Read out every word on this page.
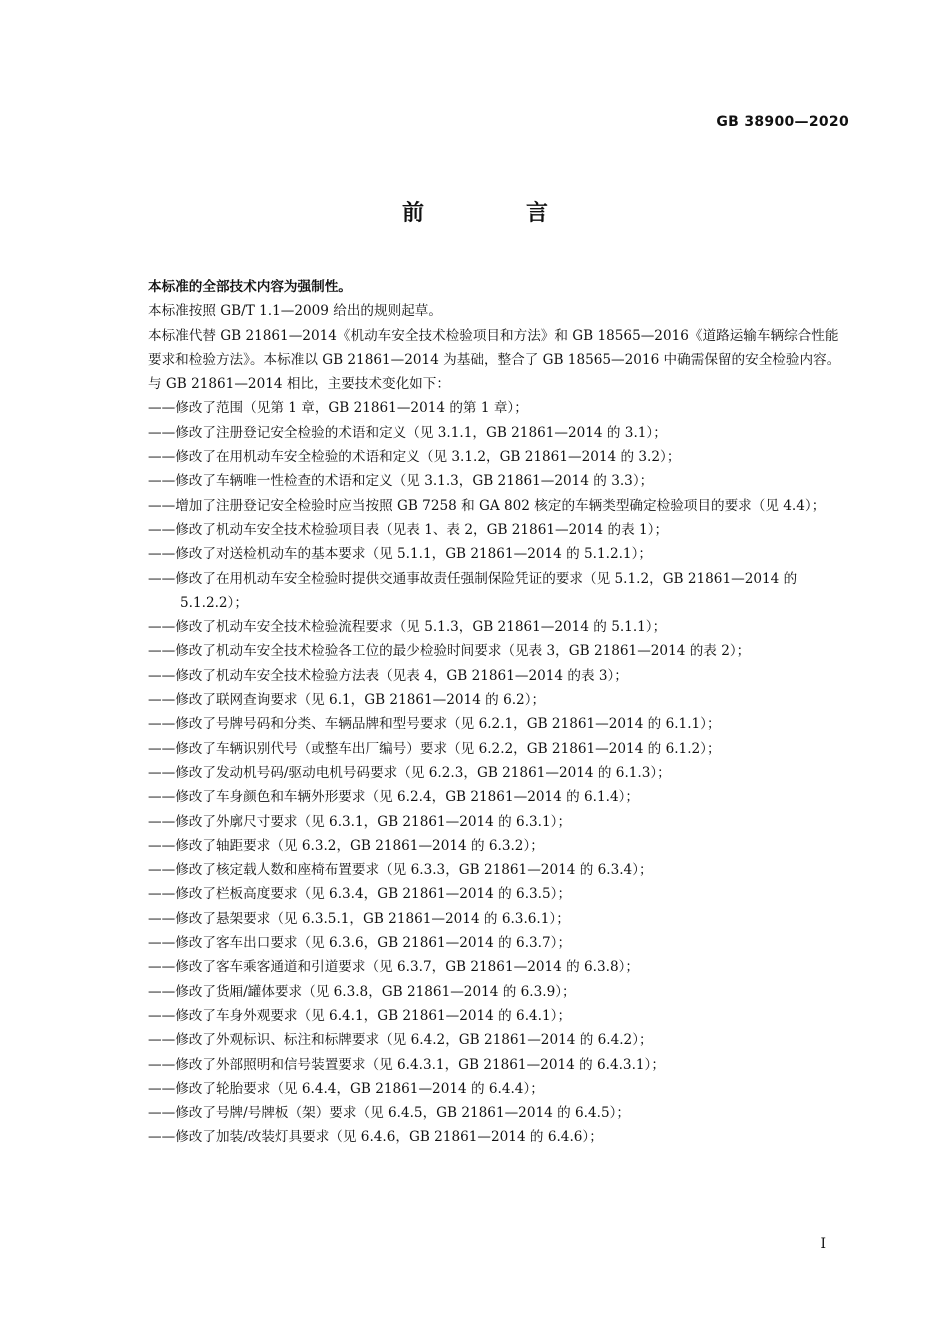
GB 38900—2020
前　言
本标准的全部技术内容为强制性。
本标准按照 GB/T 1.1—2009 给出的规则起草。
本标准代替 GB 21861—2014《机动车安全技术检验项目和方法》和 GB 18565—2016《道路运输车辆综合性能要求和检验方法》。本标准以 GB 21861—2014 为基础，整合了 GB 18565—2016 中确需保留的安全检验内容。
与 GB 21861—2014 相比，主要技术变化如下：
——修改了范围（见第 1 章，GB 21861—2014 的第 1 章）；
——修改了注册登记安全检验的术语和定义（见 3.1.1，GB 21861—2014 的 3.1）；
——修改了在用机动车安全检验的术语和定义（见 3.1.2，GB 21861—2014 的 3.2）；
——修改了车辆唯一性检查的术语和定义（见 3.1.3，GB 21861—2014 的 3.3）；
——增加了注册登记安全检验时应当按照 GB 7258 和 GA 802 核定的车辆类型确定检验项目的要求（见 4.4）；
——修改了机动车安全技术检验项目表（见表 1、表 2，GB 21861—2014 的表 1）；
——修改了对送检机动车的基本要求（见 5.1.1，GB 21861—2014 的 5.1.2.1）；
——修改了在用机动车安全检验时提供交通事故责任强制保险凭证的要求（见 5.1.2，GB 21861—2014 的 5.1.2.2）；
——修改了机动车安全技术检验流程要求（见 5.1.3，GB 21861—2014 的 5.1.1）；
——修改了机动车安全技术检验各工位的最少检验时间要求（见表 3，GB 21861—2014 的表 2）；
——修改了机动车安全技术检验方法表（见表 4，GB 21861—2014 的表 3）；
——修改了联网查询要求（见 6.1，GB 21861—2014 的 6.2）；
——修改了号牌号码和分类、车辆品牌和型号要求（见 6.2.1，GB 21861—2014 的 6.1.1）；
——修改了车辆识别代号（或整车出厂编号）要求（见 6.2.2，GB 21861—2014 的 6.1.2）；
——修改了发动机号码/驱动电机号码要求（见 6.2.3，GB 21861—2014 的 6.1.3）；
——修改了车身颜色和车辆外形要求（见 6.2.4，GB 21861—2014 的 6.1.4）；
——修改了外廓尺寸要求（见 6.3.1，GB 21861—2014 的 6.3.1）；
——修改了轴距要求（见 6.3.2，GB 21861—2014 的 6.3.2）；
——修改了核定载人数和座椅布置要求（见 6.3.3，GB 21861—2014 的 6.3.4）；
——修改了栏板高度要求（见 6.3.4，GB 21861—2014 的 6.3.5）；
——修改了悬架要求（见 6.3.5.1，GB 21861—2014 的 6.3.6.1）；
——修改了客车出口要求（见 6.3.6，GB 21861—2014 的 6.3.7）；
——修改了客车乘客通道和引道要求（见 6.3.7，GB 21861—2014 的 6.3.8）；
——修改了货厢/罐体要求（见 6.3.8，GB 21861—2014 的 6.3.9）；
——修改了车身外观要求（见 6.4.1，GB 21861—2014 的 6.4.1）；
——修改了外观标识、标注和标牌要求（见 6.4.2，GB 21861—2014 的 6.4.2）；
——修改了外部照明和信号装置要求（见 6.4.3.1，GB 21861—2014 的 6.4.3.1）；
——修改了轮胎要求（见 6.4.4，GB 21861—2014 的 6.4.4）；
——修改了号牌/号牌板（架）要求（见 6.4.5，GB 21861—2014 的 6.4.5）；
——修改了加装/改装灯具要求（见 6.4.6，GB 21861—2014 的 6.4.6）；
I
